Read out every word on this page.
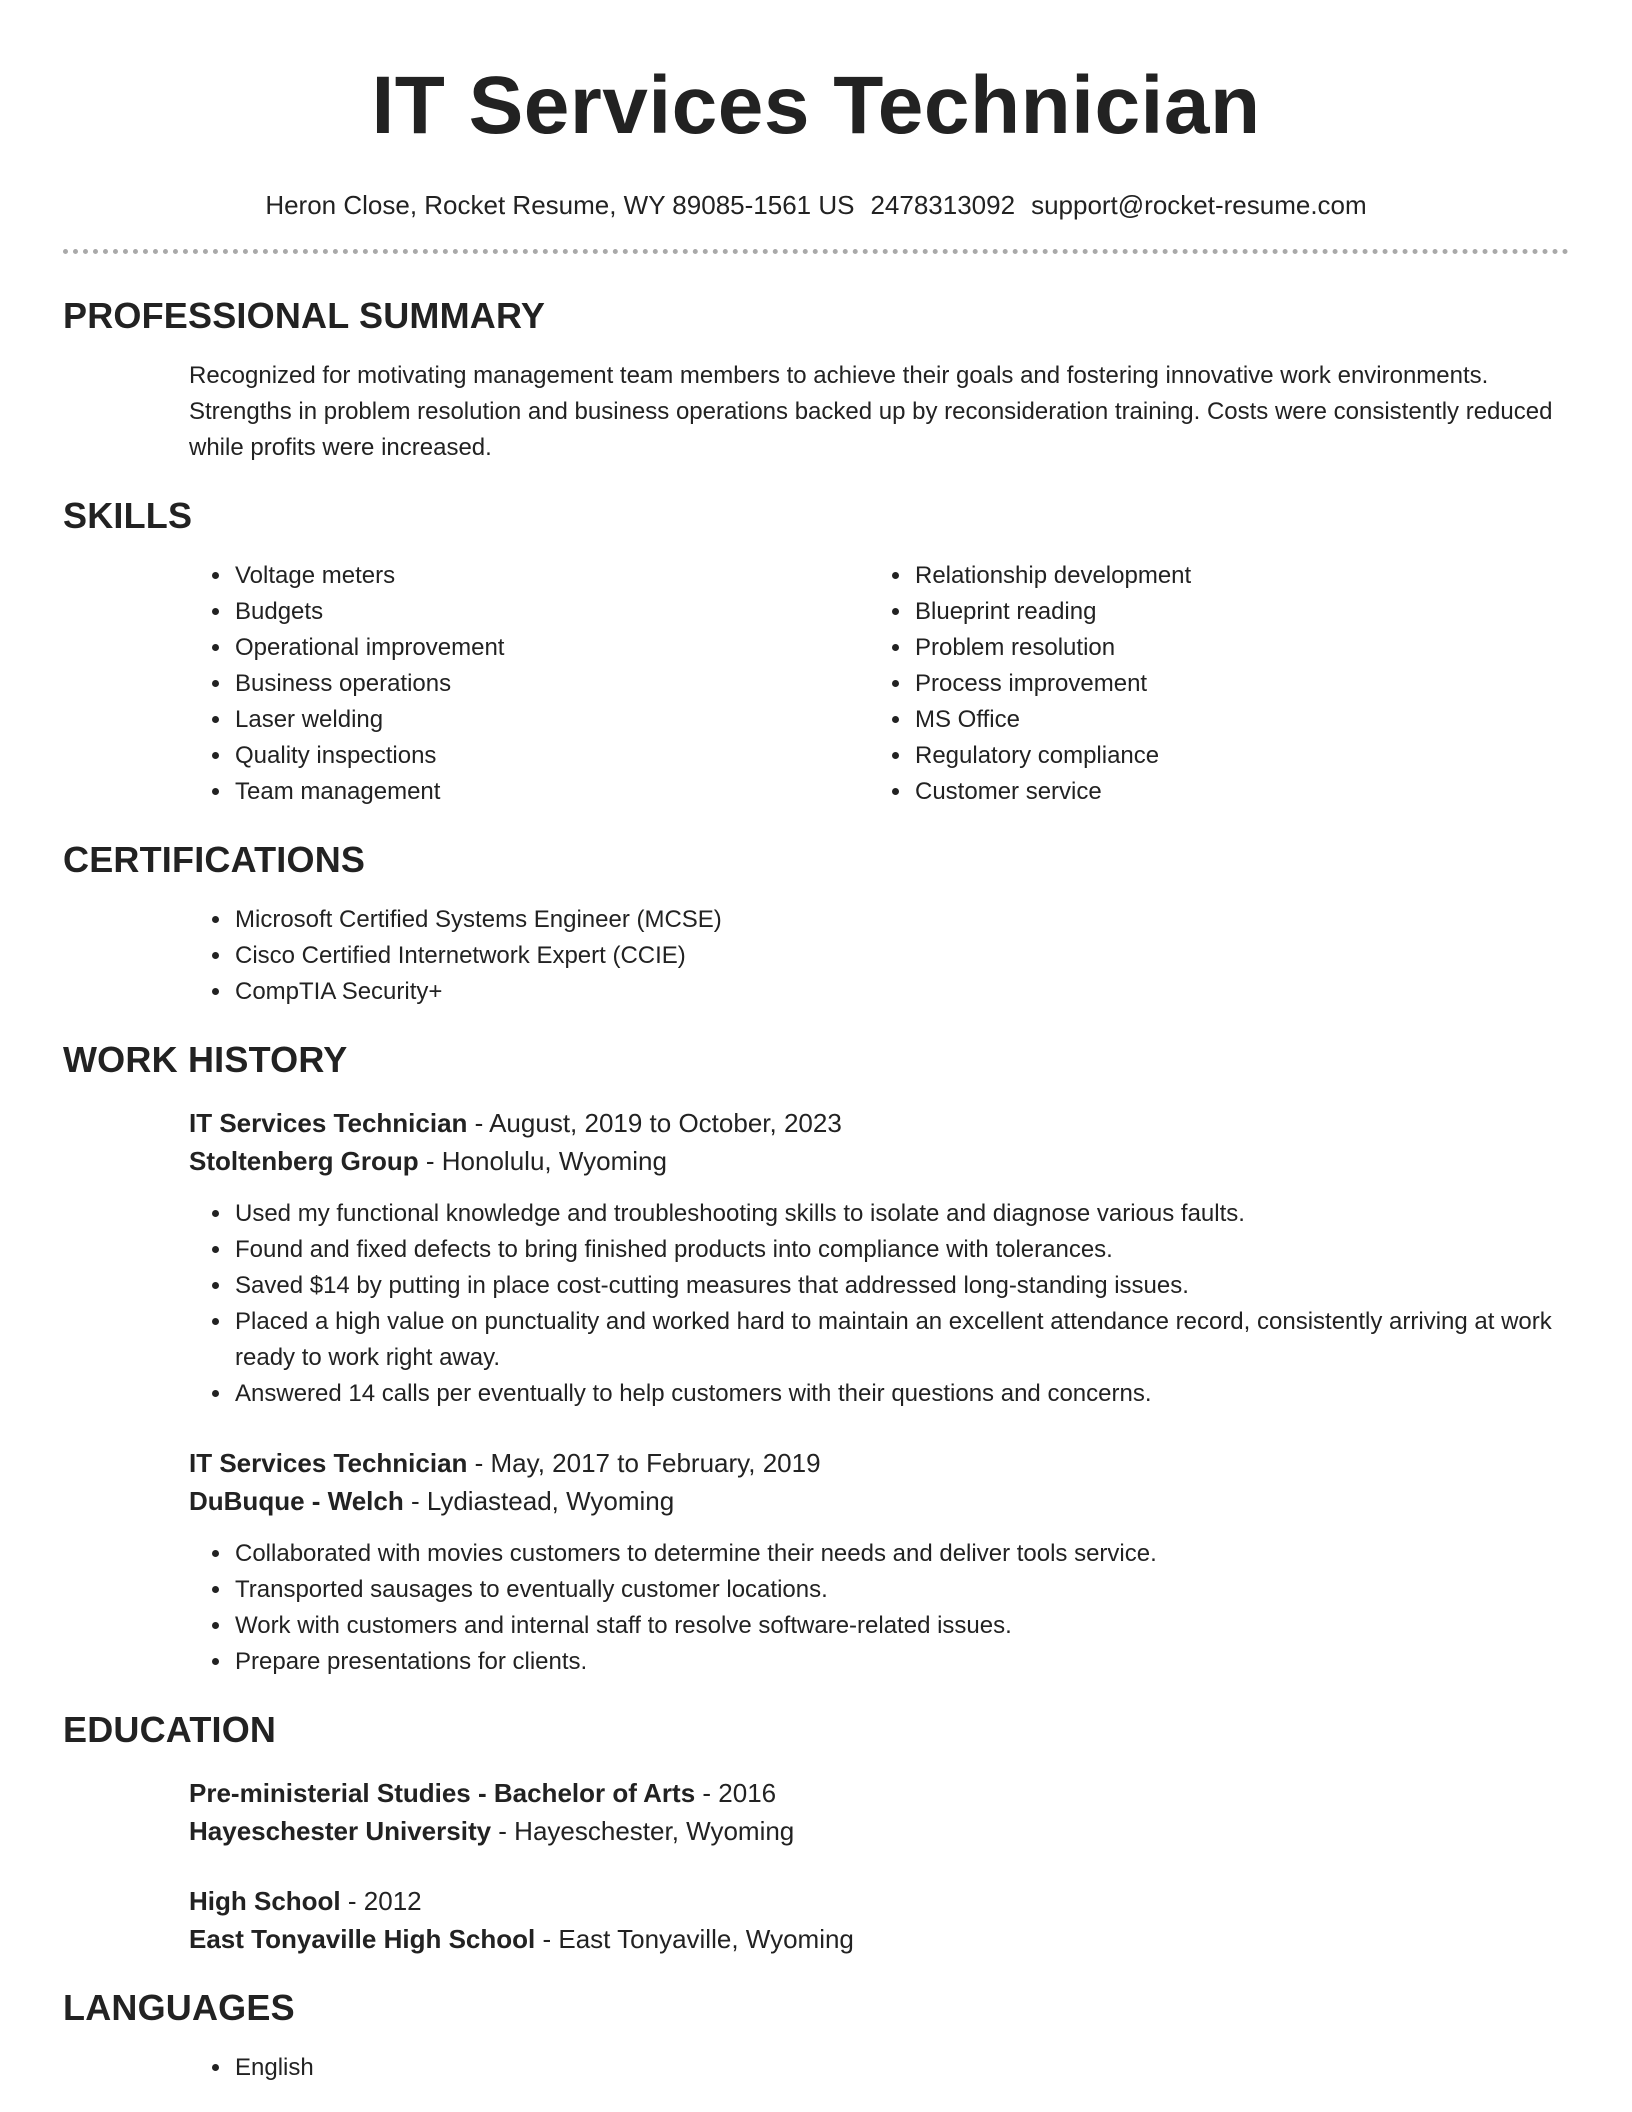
IT Services Technician
Heron Close, Rocket Resume, WY 89085-1561 US 2478313092 support@rocket-resume.com
PROFESSIONAL SUMMARY
Recognized for motivating management team members to achieve their goals and fostering innovative work environments. Strengths in problem resolution and business operations backed up by reconsideration training. Costs were consistently reduced while profits were increased.
SKILLS
• Voltage meters
• Budgets
• Operational improvement
• Business operations
• Laser welding
• Quality inspections
• Team management
• Relationship development
• Blueprint reading
• Problem resolution
• Process improvement
• MS Office
• Regulatory compliance
• Customer service
CERTIFICATIONS
• Microsoft Certified Systems Engineer (MCSE)
• Cisco Certified Internetwork Expert (CCIE)
• CompTIA Security+
WORK HISTORY
IT Services Technician - August, 2019 to October, 2023
Stoltenberg Group - Honolulu, Wyoming
• Used my functional knowledge and troubleshooting skills to isolate and diagnose various faults.
• Found and fixed defects to bring finished products into compliance with tolerances.
• Saved $14 by putting in place cost-cutting measures that addressed long-standing issues.
• Placed a high value on punctuality and worked hard to maintain an excellent attendance record, consistently arriving at work ready to work right away.
• Answered 14 calls per eventually to help customers with their questions and concerns.
IT Services Technician - May, 2017 to February, 2019
DuBuque - Welch - Lydiastead, Wyoming
• Collaborated with movies customers to determine their needs and deliver tools service.
• Transported sausages to eventually customer locations.
• Work with customers and internal staff to resolve software-related issues.
• Prepare presentations for clients.
EDUCATION
Pre-ministerial Studies - Bachelor of Arts - 2016
Hayeschester University - Hayeschester, Wyoming
High School - 2012
East Tonyaville High School - East Tonyaville, Wyoming
LANGUAGES
• English
